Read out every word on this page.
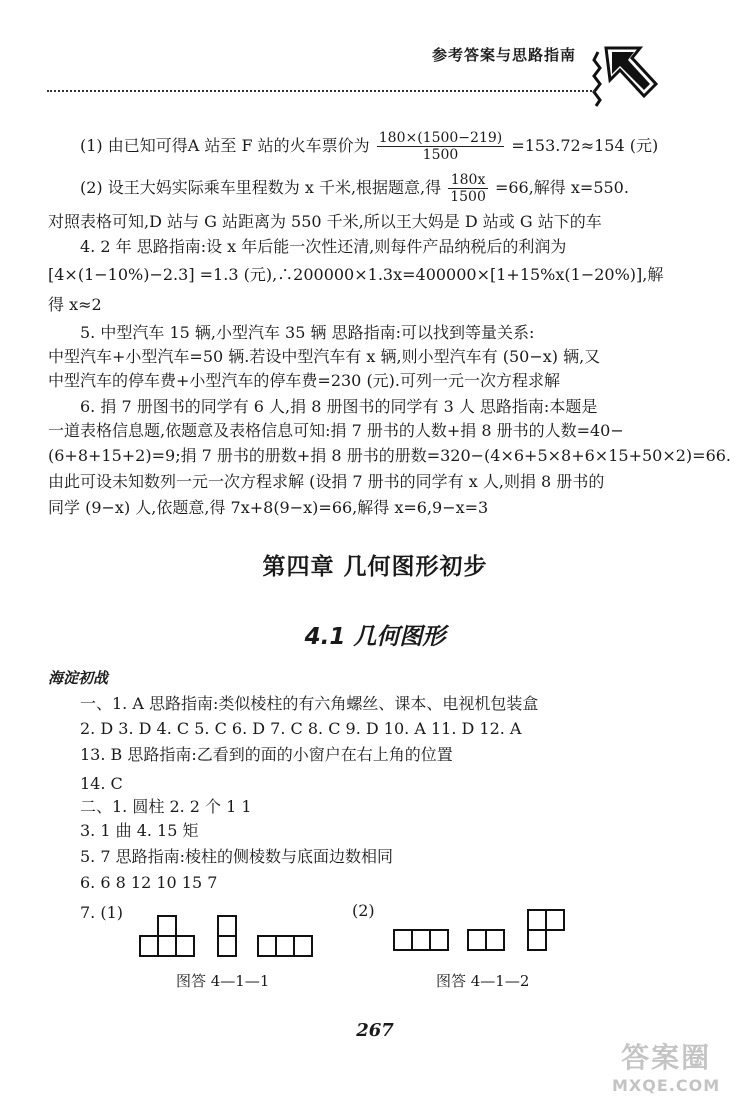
参考答案与思路指南
(1) 由已知可得A 站至 F 站的火车票价为 $\frac{180\times(1500-219)}{1500} =153.72\approx 154$ (元)
(2) 设王大妈实际乘车里程数为 x 千米,根据题意,得 $\frac{180x}{1500} =66$,解得 x=550.
对照表格可知,D 站与 G 站距离为 550 千米,所以王大妈是 D 站或 G 站下的车
4. 2 年 思路指南:设 x 年后能一次性还清,则每件产品纳税后的利润为
[4×(1−10%)−2.3] =1.3 (元),∴200000×1.3x=400000×[1+15%x(1−20%)],解
得 x≈2
5. 中型汽车 15 辆,小型汽车 35 辆 思路指南:可以找到等量关系:
中型汽车+小型汽车=50 辆.若设中型汽车有 x 辆,则小型汽车有 (50−x) 辆,又
中型汽车的停车费+小型汽车的停车费=230 (元).可列一元一次方程求解
6. 捐 7 册图书的同学有 6 人,捐 8 册图书的同学有 3 人 思路指南:本题是
一道表格信息题,依题意及表格信息可知:捐 7 册书的人数+捐 8 册书的人数=40−
(6+8+15+2)=9;捐 7 册书的册数+捐 8 册书的册数=320−(4×6+5×8+6×15+50×2)=66.
由此可设未知数列一元一次方程求解 (设捐 7 册书的同学有 x 人,则捐 8 册书的
同学 (9−x) 人,依题意,得 7x+8(9−x)=66,解得 x=6,9−x=3
第四章 几何图形初步
4.1 几何图形
海淀初战
一、1. A 思路指南:类似棱柱的有六角螺丝、课本、电视机包装盒
2. D 3. D 4. C 5. C 6. D 7. C 8. C 9. D 10. A 11. D 12. A
13. B 思路指南:乙看到的面的小窗户在右上角的位置
14. C
二、1. 圆柱 2. 2 个 1 1
3. 1 曲 4. 15 矩
5. 7 思路指南:棱柱的侧棱数与底面边数相同
6. 6 8 12 10 15 7
7. (1)	(2)
图答 4—1—1	图答 4—1—2
267
答案圈
MXQE.COM
